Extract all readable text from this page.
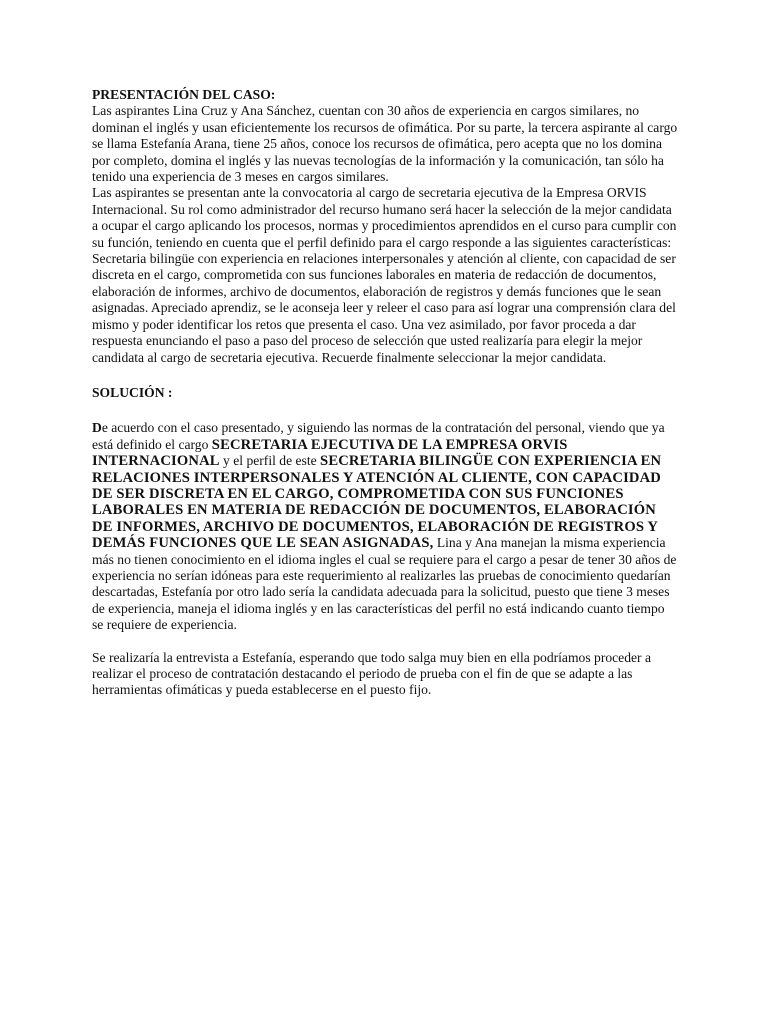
PRESENTACIÓN DEL CASO:

Las aspirantes Lina Cruz y Ana Sánchez, cuentan con 30 años de experiencia en cargos similares, no dominan el inglés y usan eficientemente los recursos de ofimática. Por su parte, la tercera aspirante al cargo se llama Estefanía Arana, tiene 25 años, conoce los recursos de ofimática, pero acepta que no los domina por completo, domina el inglés y las nuevas tecnologías de la información y la comunicación, tan sólo ha tenido una experiencia de 3 meses en cargos similares.

Las aspirantes se presentan ante la convocatoria al cargo de secretaria ejecutiva de la Empresa ORVIS Internacional. Su rol como administrador del recurso humano será hacer la selección de la mejor candidata a ocupar el cargo aplicando los procesos, normas y procedimientos aprendidos en el curso para cumplir con su función, teniendo en cuenta que el perfil definido para el cargo responde a las siguientes características: Secretaria bilingüe con experiencia en relaciones interpersonales y atención al cliente, con capacidad de ser discreta en el cargo, comprometida con sus funciones laborales en materia de redacción de documentos, elaboración de informes, archivo de documentos, elaboración de registros y demás funciones que le sean asignadas. Apreciado aprendiz, se le aconseja leer y releer el caso para así lograr una comprensión clara del mismo y poder identificar los retos que presenta el caso. Una vez asimilado, por favor proceda a dar respuesta enunciando el paso a paso del proceso de selección que usted realizaría para elegir la mejor candidata al cargo de secretaria ejecutiva. Recuerde finalmente seleccionar la mejor candidata.

SOLUCIÓN :

De acuerdo con el caso presentado, y siguiendo las normas de la contratación del personal, viendo que ya está definido el cargo SECRETARIA EJECUTIVA DE LA EMPRESA ORVIS INTERNACIONAL y el perfil de este SECRETARIA BILINGÜE CON EXPERIENCIA EN RELACIONES INTERPERSONALES Y ATENCIÓN AL CLIENTE, CON CAPACIDAD DE SER DISCRETA EN EL CARGO, COMPROMETIDA CON SUS FUNCIONES LABORALES EN MATERIA DE REDACCIÓN DE DOCUMENTOS, ELABORACIÓN DE INFORMES, ARCHIVO DE DOCUMENTOS, ELABORACIÓN DE REGISTROS Y DEMÁS FUNCIONES QUE LE SEAN ASIGNADAS, Lina y Ana manejan la misma experiencia más no tienen conocimiento en el idioma ingles el cual se requiere para el cargo a pesar de tener 30 años de experiencia no serían idóneas para este requerimiento al realizarles las pruebas de conocimiento quedarían descartadas, Estefanía por otro lado sería la candidata adecuada para la solicitud, puesto que tiene 3 meses de experiencia, maneja el idioma inglés y en las características del perfil no está indicando cuanto tiempo se requiere de experiencia.

Se realizaría la entrevista a Estefanía, esperando que todo salga muy bien en ella podríamos proceder a realizar el proceso de contratación destacando el periodo de prueba con el fin de que se adapte a las herramientas ofimáticas y pueda establecerse en el puesto fijo.
